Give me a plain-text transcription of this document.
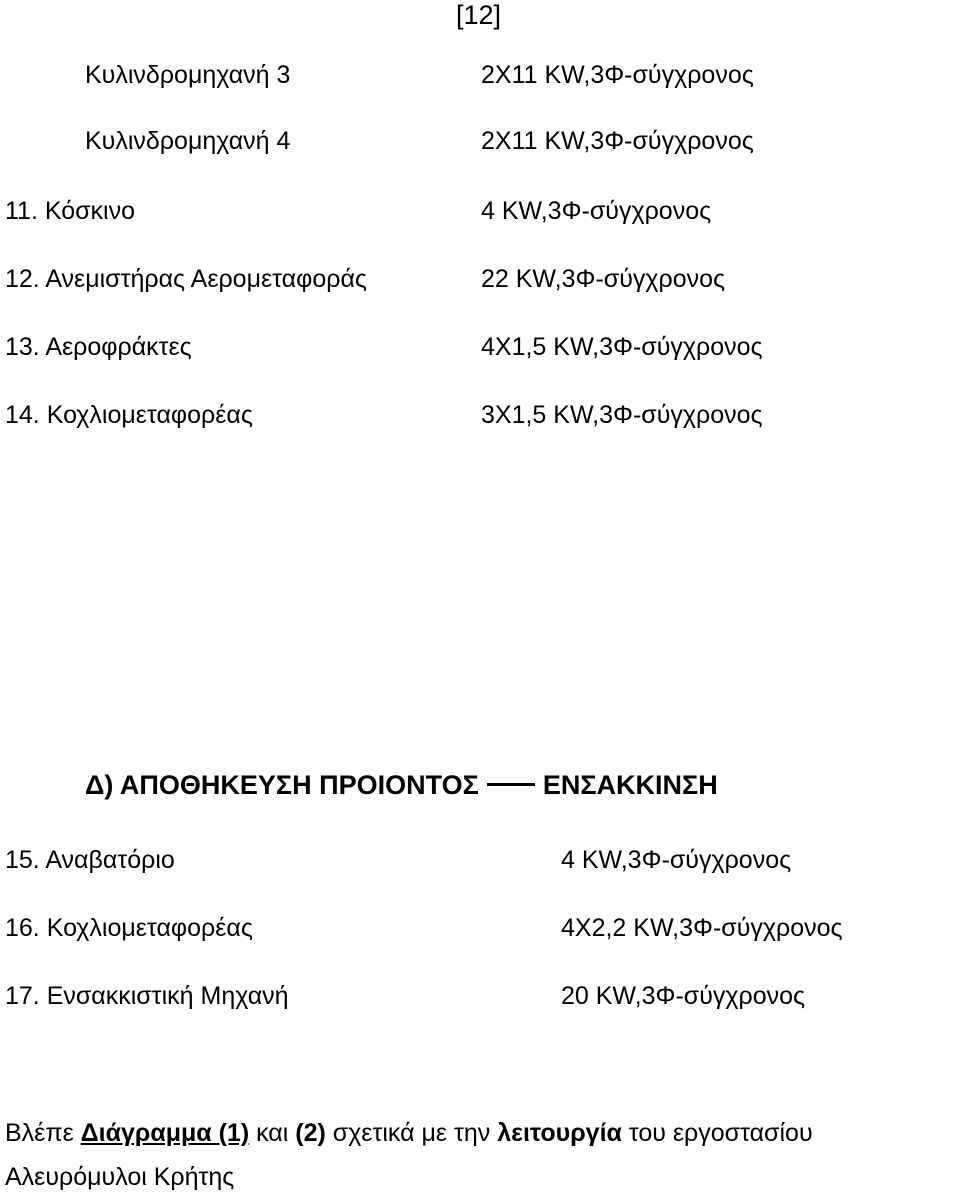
[12]
Κυλινδρομηχανή 3	2Χ11 KW,3Φ-σύγχρονος
Κυλινδρομηχανή 4	2Χ11 KW,3Φ-σύγχρονος
11. Κόσκινο	4 KW,3Φ-σύγχρονος
12. Ανεμιστήρας Αερομεταφοράς	22 KW,3Φ-σύγχρονος
13. Αεροφράκτες	4Χ1,5 KW,3Φ-σύγχρονος
14. Κοχλιομεταφορέας	3Χ1,5 KW,3Φ-σύγχρονος
Δ) ΑΠΟΘΗΚΕΥΣΗ ΠΡΟΙΟΝΤΟΣ ΕΝΣΑΚΚΙΝΣΗ
15. Αναβατόριο	4 KW,3Φ-σύγχρονος
16. Κοχλιομεταφορέας	4Χ2,2 KW,3Φ-σύγχρονος
17. Ενσακκιστική Μηχανή	20 KW,3Φ-σύγχρονος
Βλέπε Διάγραμμα (1) και (2) σχετικά με την λειτουργία του εργοστασίου
Αλευρόμυλοι Κρήτης
